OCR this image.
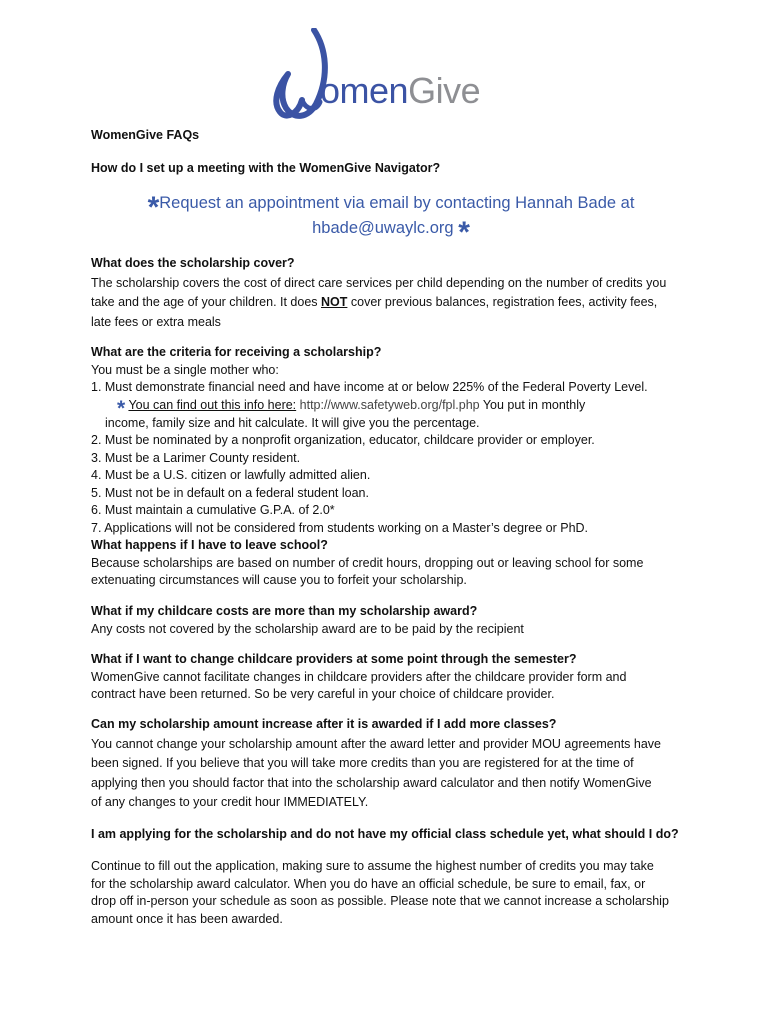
omenGive
WomenGive FAQs
How do I set up a meeting with the WomenGive Navigator?
*Request an appointment via email by contacting Hannah Bade at
hbade@uwaylc.org *

What does the scholarship cover?

The scholarship covers the cost of direct care services per child depending on the number of credits you

take and the age of your children. It does NOT cover previous balances, registration fees, activity fees,

late fees or extra meals

What are the criteria for receiving a scholarship?

You must be a single mother who:

1. Must demonstrate financial need and have income at or below 225% of the Federal Poverty Level.

* You can find out this info here: http://www.safetyweb.org/fpl.php You put in monthly

income, family size and hit calculate. It will give you the percentage.

2. Must be nominated by a nonprofit organization, educator, childcare provider or employer.

3. Must be a Larimer County resident.

4. Must be a U.S. citizen or lawfully admitted alien.

5. Must not be in default on a federal student loan.

6. Must maintain a cumulative G.P.A. of 2.0*

7. Applications will not be considered from students working on a Master’s degree or PhD.

What happens if I have to leave school?

Because scholarships are based on number of credit hours, dropping out or leaving school for some

extenuating circumstances will cause you to forfeit your scholarship.

What if my childcare costs are more than my scholarship award?

Any costs not covered by the scholarship award are to be paid by the recipient

What if I want to change childcare providers at some point through the semester?

WomenGive cannot facilitate changes in childcare providers after the childcare provider form and

contract have been returned. So be very careful in your choice of childcare provider.

Can my scholarship amount increase after it is awarded if I add more classes?

You cannot change your scholarship amount after the award letter and provider MOU agreements have

been signed. If you believe that you will take more credits than you are registered for at the time of

applying then you should factor that into the scholarship award calculator and then notify WomenGive

of any changes to your credit hour IMMEDIATELY.

I am applying for the scholarship and do not have my official class schedule yet, what should I do?

Continue to fill out the application, making sure to assume the highest number of credits you may take

for the scholarship award calculator. When you do have an official schedule, be sure to email, fax, or

drop off in-person your schedule as soon as possible. Please note that we cannot increase a scholarship

amount once it has been awarded.
